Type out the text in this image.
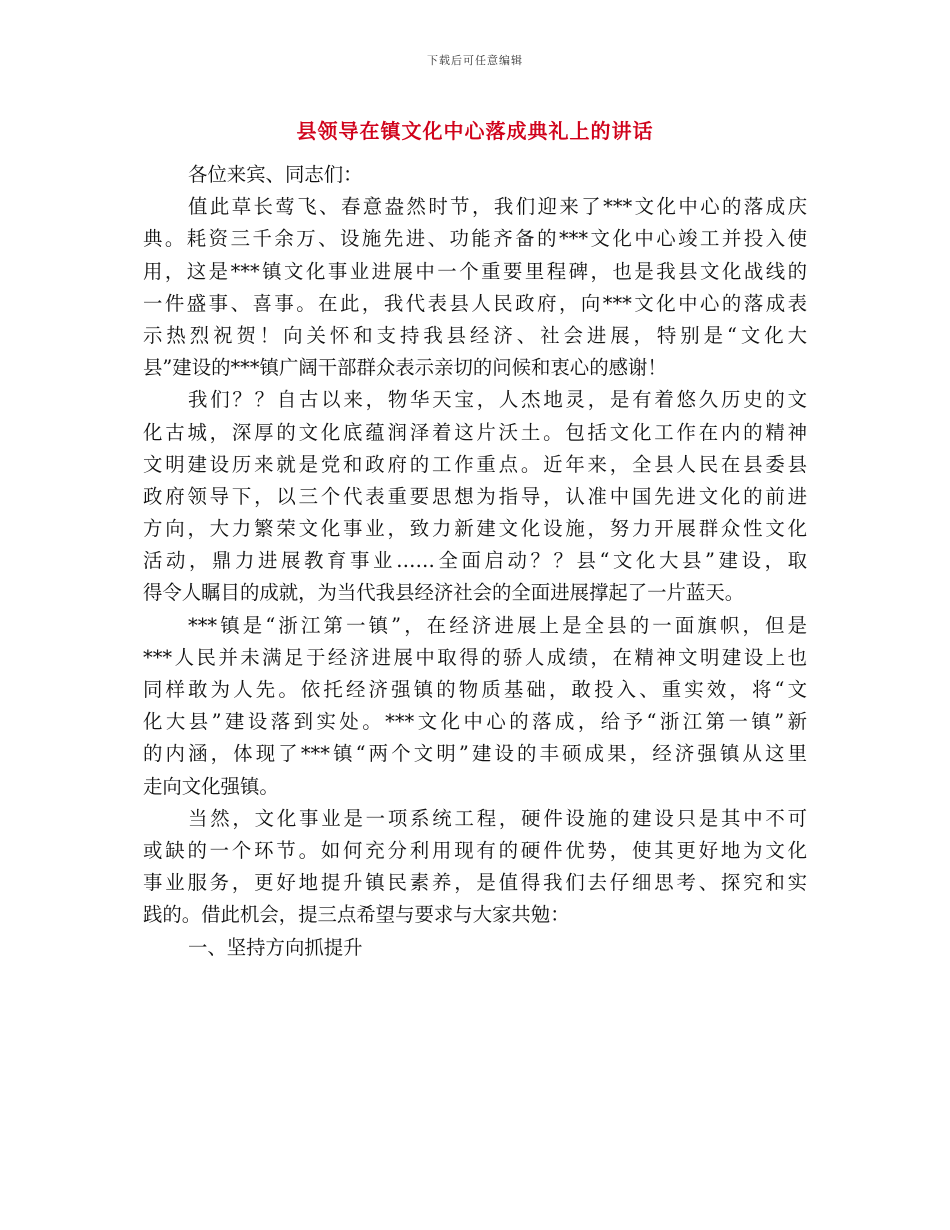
下载后可任意编辑
县领导在镇文化中心落成典礼上的讲话
各位来宾、同志们：
值此草长莺飞、春意盎然时节，我们迎来了***文化中心的落成庆
典。耗资三千余万、设施先进、功能齐备的***文化中心竣工并投入使
用，这是***镇文化事业进展中一个重要里程碑，也是我县文化战线的
一件盛事、喜事。在此，我代表县人民政府，向***文化中心的落成表
示热烈祝贺！向关怀和支持我县经济、社会进展，特别是“文化大
县”建设的***镇广阔干部群众表示亲切的问候和衷心的感谢！
我们？？自古以来，物华天宝，人杰地灵，是有着悠久历史的文
化古城，深厚的文化底蕴润泽着这片沃土。包括文化工作在内的精神
文明建设历来就是党和政府的工作重点。近年来，全县人民在县委县
政府领导下，以三个代表重要思想为指导，认准中国先进文化的前进
方向，大力繁荣文化事业，致力新建文化设施，努力开展群众性文化
活动，鼎力进展教育事业……全面启动？？县“文化大县”建设，取
得令人瞩目的成就，为当代我县经济社会的全面进展撑起了一片蓝天。
***镇是“浙江第一镇”，在经济进展上是全县的一面旗帜，但是
***人民并未满足于经济进展中取得的骄人成绩，在精神文明建设上也
同样敢为人先。依托经济强镇的物质基础，敢投入、重实效，将“文
化大县”建设落到实处。***文化中心的落成，给予“浙江第一镇”新
的内涵，体现了***镇“两个文明”建设的丰硕成果，经济强镇从这里
走向文化强镇。
当然，文化事业是一项系统工程，硬件设施的建设只是其中不可
或缺的一个环节。如何充分利用现有的硬件优势，使其更好地为文化
事业服务，更好地提升镇民素养，是值得我们去仔细思考、探究和实
践的。借此机会，提三点希望与要求与大家共勉：
一、坚持方向抓提升
